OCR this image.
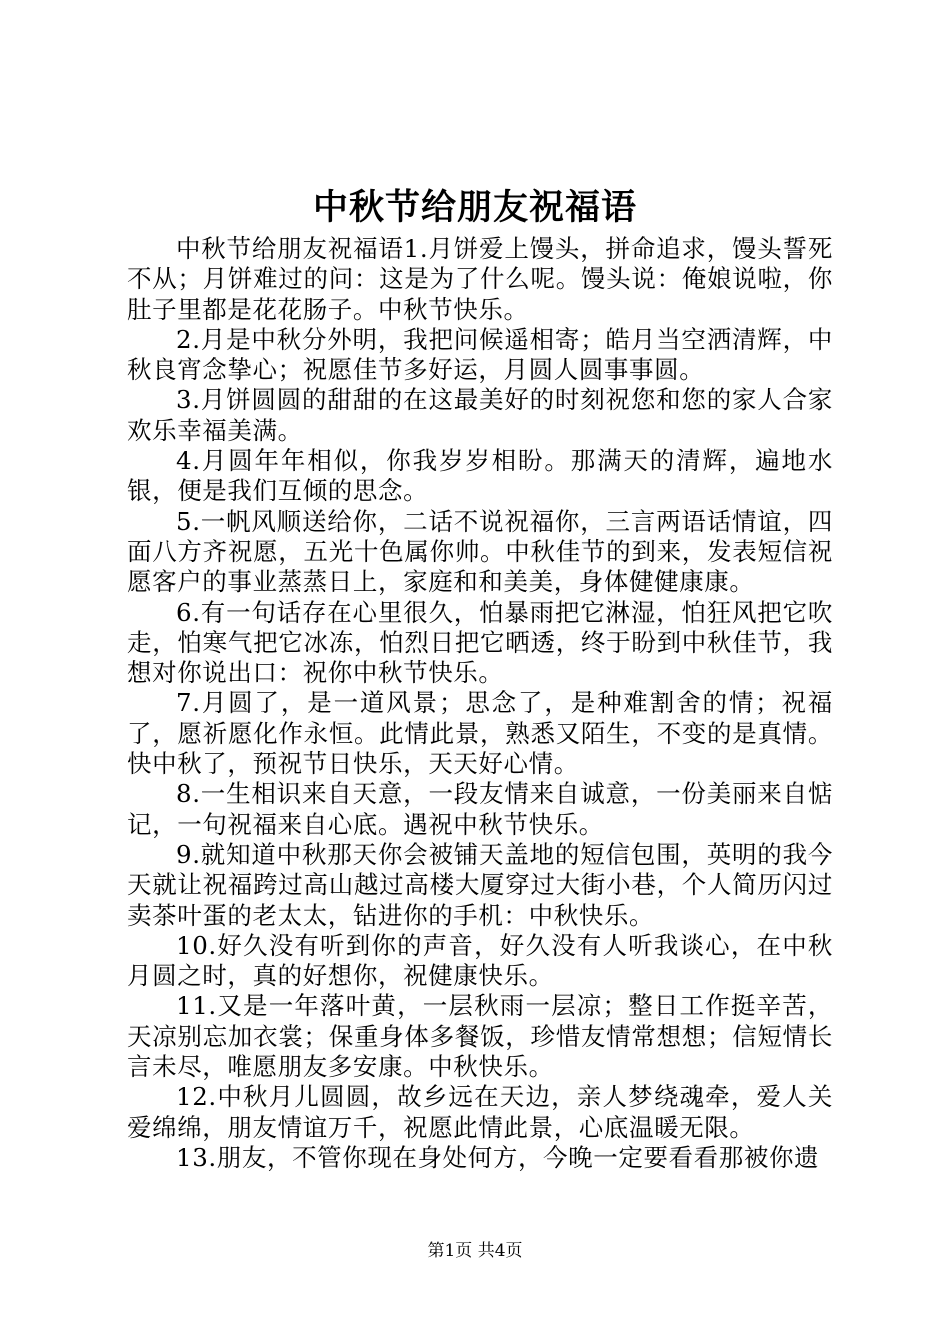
中秋节给朋友祝福语

中秋节给朋友祝福语1.月饼爱上馒头，拼命追求，馒头誓死不从；月饼难过的问：这是为了什么呢。馒头说：俺娘说啦，你肚子里都是花花肠子。中秋节快乐。

2.月是中秋分外明，我把问候遥相寄；皓月当空洒清辉，中秋良宵念挚心；祝愿佳节多好运，月圆人圆事事圆。

3.月饼圆圆的甜甜的在这最美好的时刻祝您和您的家人合家欢乐幸福美满。

4.月圆年年相似，你我岁岁相盼。那满天的清辉，遍地水银，便是我们互倾的思念。

5.一帆风顺送给你，二话不说祝福你，三言两语话情谊，四面八方齐祝愿，五光十色属你帅。中秋佳节的到来，发表短信祝愿客户的事业蒸蒸日上，家庭和和美美，身体健健康康。

6.有一句话存在心里很久，怕暴雨把它淋湿，怕狂风把它吹走，怕寒气把它冰冻，怕烈日把它晒透，终于盼到中秋佳节，我想对你说出口：祝你中秋节快乐。

7.月圆了，是一道风景；思念了，是种难割舍的情；祝福了，愿祈愿化作永恒。此情此景，熟悉又陌生，不变的是真情。快中秋了，预祝节日快乐，天天好心情。

8.一生相识来自天意，一段友情来自诚意，一份美丽来自惦记，一句祝福来自心底。遇祝中秋节快乐。

9.就知道中秋那天你会被铺天盖地的短信包围，英明的我今天就让祝福跨过高山越过高楼大厦穿过大街小巷，个人简历闪过卖茶叶蛋的老太太，钻进你的手机：中秋快乐。

10.好久没有听到你的声音，好久没有人听我谈心，在中秋月圆之时，真的好想你，祝健康快乐。

11.又是一年落叶黄，一层秋雨一层凉；整日工作挺辛苦，天凉别忘加衣裳；保重身体多餐饭，珍惜友情常想想；信短情长言未尽，唯愿朋友多安康。中秋快乐。

12.中秋月儿圆圆，故乡远在天边，亲人梦绕魂牵，爱人关爱绵绵，朋友情谊万千，祝愿此情此景，心底温暖无限。

13.朋友，不管你现在身处何方，今晚一定要看看那被你遗

第1页 共4页
